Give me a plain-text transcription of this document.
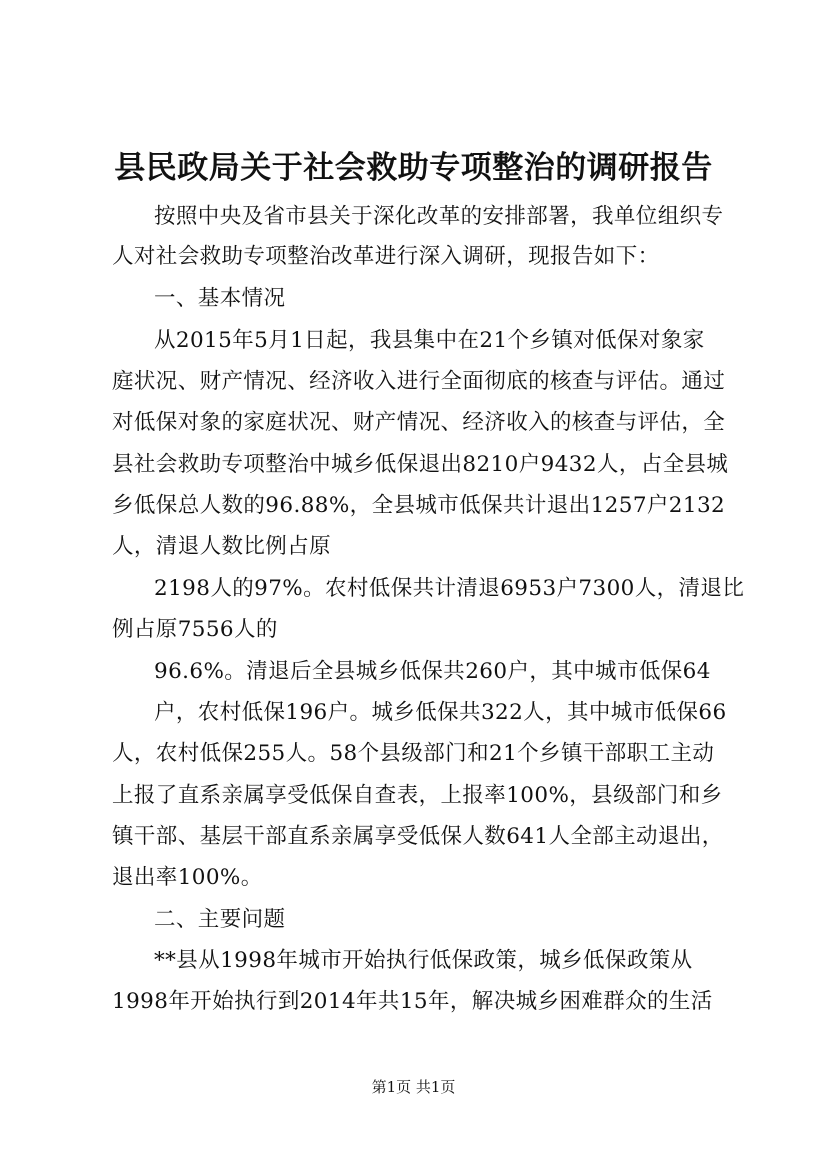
县民政局关于社会救助专项整治的调研报告
按照中央及省市县关于深化改革的安排部署，我单位组织专
人对社会救助专项整治改革进行深入调研，现报告如下：
一、基本情况
从2015年5月1日起，我县集中在21个乡镇对低保对象家
庭状况、财产情况、经济收入进行全面彻底的核查与评估。通过
对低保对象的家庭状况、财产情况、经济收入的核查与评估，全
县社会救助专项整治中城乡低保退出8210户9432人，占全县城
乡低保总人数的96.88%，全县城市低保共计退出1257户2132
人，清退人数比例占原
2198人的97%。农村低保共计清退6953户7300人，清退比
例占原7556人的
96.6%。清退后全县城乡低保共260户，其中城市低保64
户，农村低保196户。城乡低保共322人，其中城市低保66
人，农村低保255人。58个县级部门和21个乡镇干部职工主动
上报了直系亲属享受低保自查表，上报率100%，县级部门和乡
镇干部、基层干部直系亲属享受低保人数641人全部主动退出，
退出率100%。
二、主要问题
**县从1998年城市开始执行低保政策，城乡低保政策从
1998年开始执行到2014年共15年，解决城乡困难群众的生活
第1页 共1页
